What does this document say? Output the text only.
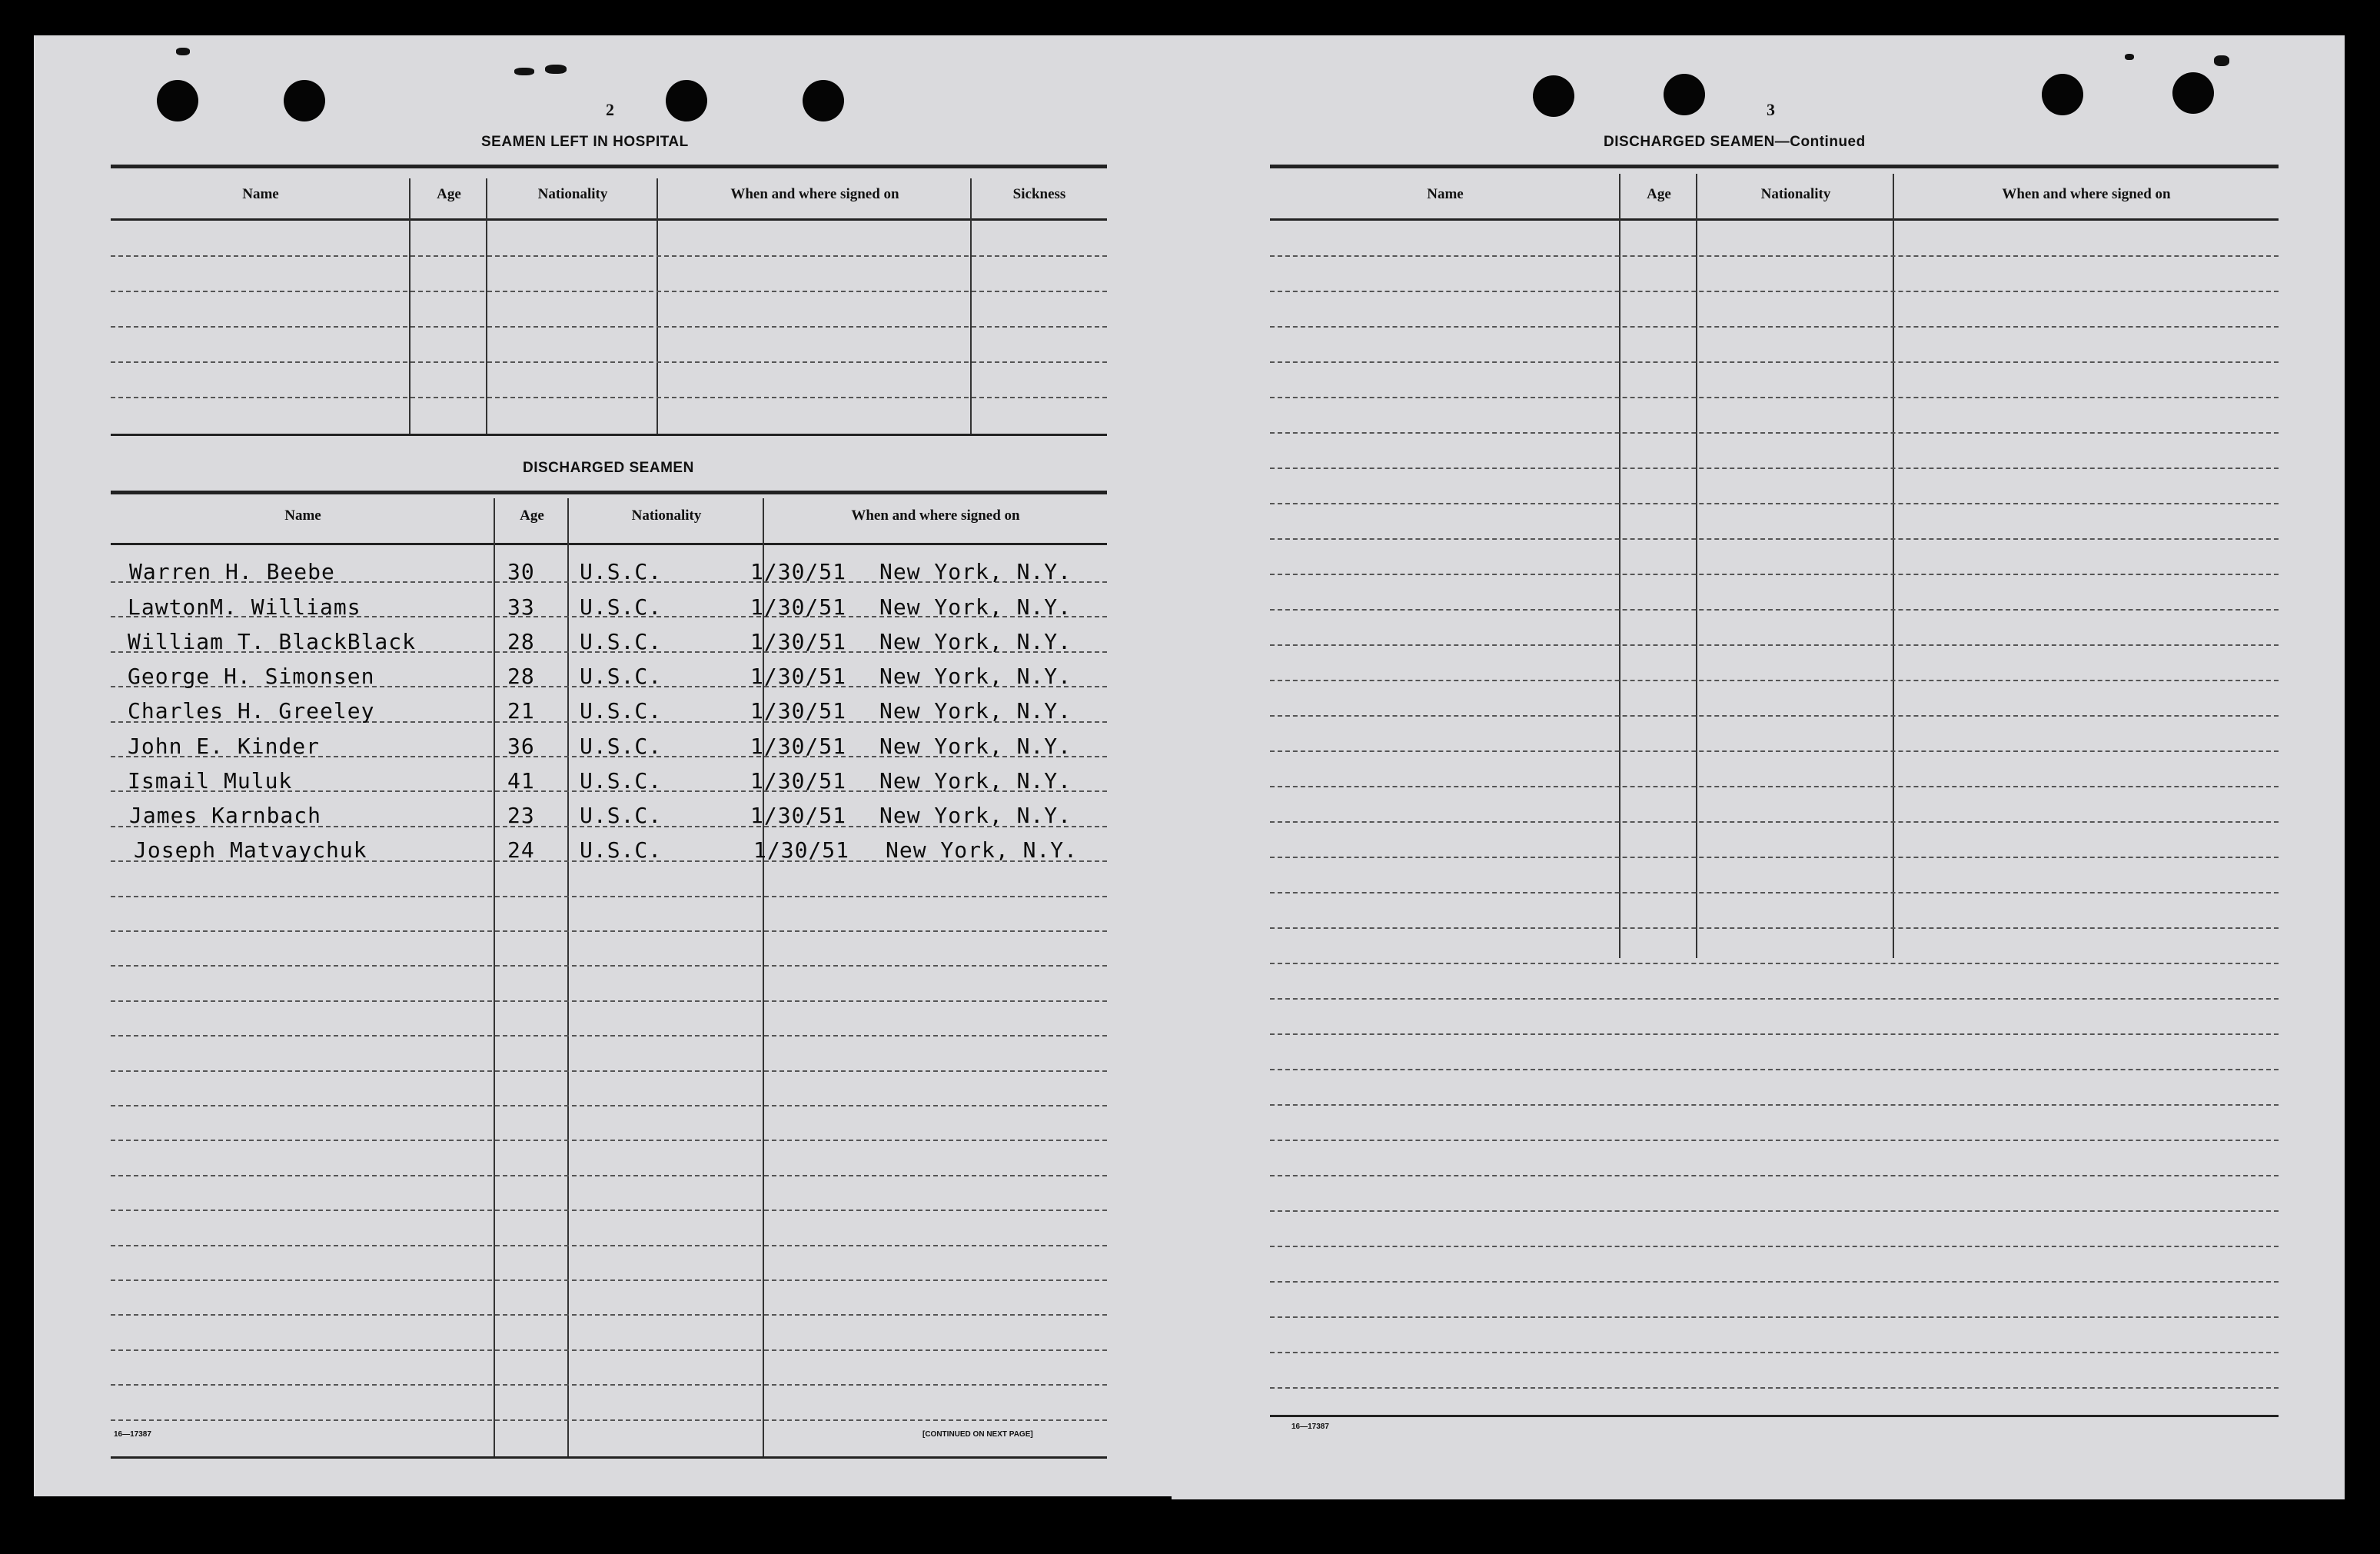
2
SEAMEN LEFT IN HOSPITAL
Name	Age	Nationality	When and where signed on	Sickness
DISCHARGED SEAMEN
Name	Age	Nationality	When and where signed on
Warren H. Beebe	30 U.S.C.	1/30/51 New York, N.Y.
LawtonM. Williams	33 U.S.C.	1/30/51 New York, N.Y.
William T. BlackBlack	28 U.S.C.	1/30/51 New York, N.Y.
George H. Simonsen	28 U.S.C.	1/30/51 New York, N.Y.
Charles H. Greeley	21 U.S.C.	1/30/51 New York, N.Y.
John E. Kinder	36 U.S.C.	1/30/51 New York, N.Y.
Ismail Muluk	41 U.S.C.	1/30/51 New York, N.Y.
James Karnbach	23 U.S.C.	1/30/51 New York, N.Y.
Joseph Matvaychuk	24 U.S.C.	1/30/51 New York, N.Y.
16—17387	[CONTINUED ON NEXT PAGE]
3
DISCHARGED SEAMEN—Continued
Name	Age	Nationality	When and where signed on
16—17387
